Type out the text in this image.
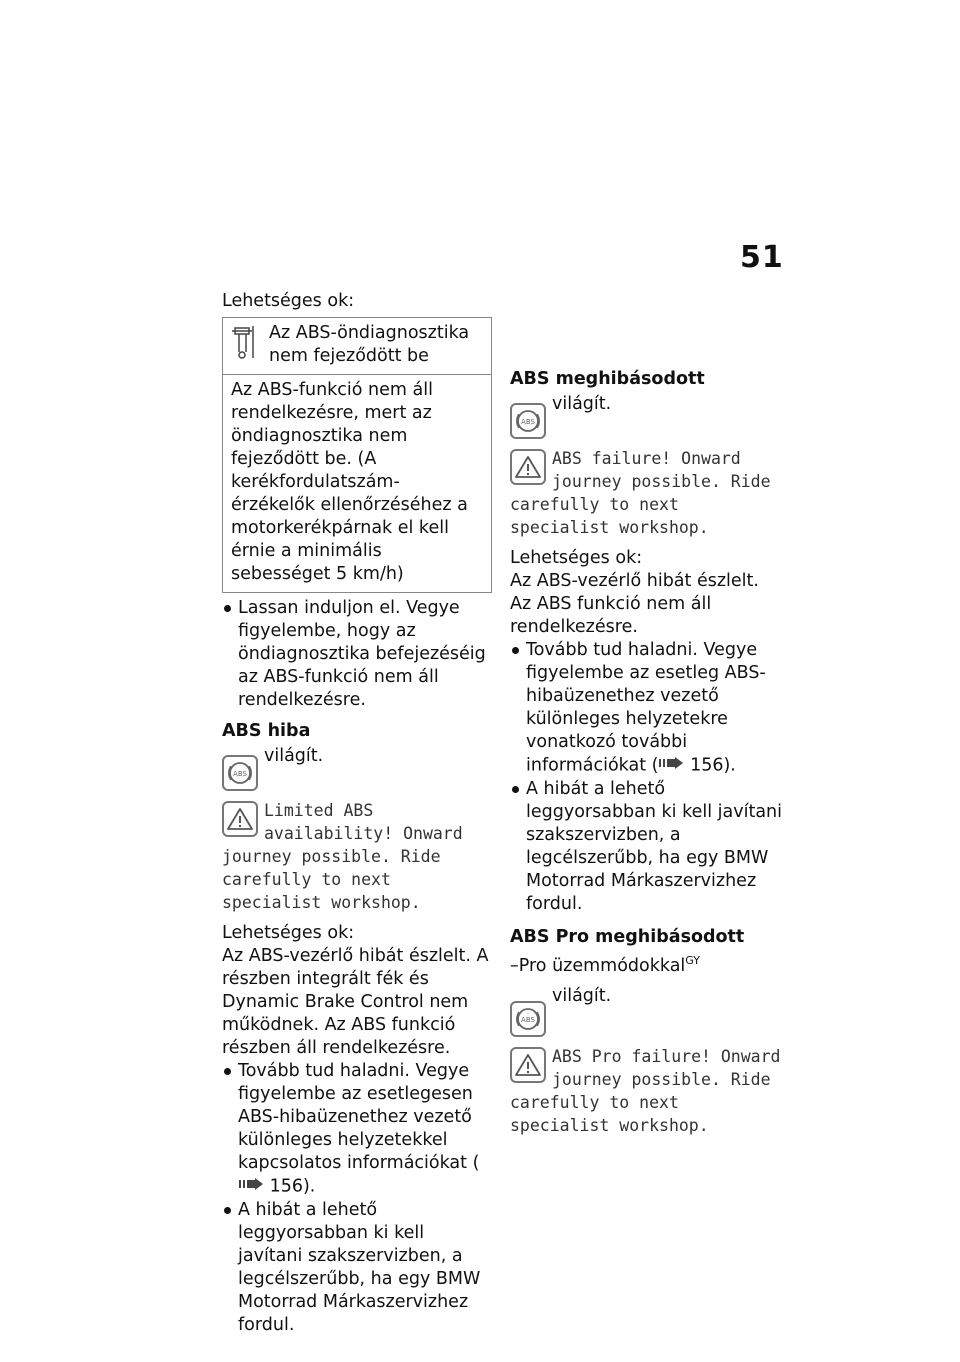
51

Lehetséges ok:

Az ABS-öndiagnosztika nem fejeződött be
Az ABS-funkció nem áll rendelkezésre, mert az öndiagnosztika nem fejeződött be. (A kerékfordulatszám-érzékelők ellenőrzéséhez a motorkerékpárnak el kell érnie a minimális sebességet 5 km/h)

Lassan induljon el. Vegye figyelembe, hogy az öndiagnosztika befejezéséig az ABS-funkció nem áll rendelkezésre.

ABS hiba

ABS
világít.
Limited ABS availability! Onward journey possible. Ride carefully to next specialist workshop.

Lehetséges ok:

Az ABS-vezérlő hibát észlelt. A részben integrált fék és Dynamic Brake Control nem működnek. Az ABS funkció részben áll rendelkezésre.

Tovább tud haladni. Vegye figyelembe az esetlegesen ABS-hibaüzenethez vezető különleges helyzetekkel kapcsolatos információkat ( 156).

A hibát a lehető leggyorsabban ki kell javítani szakszervizben, a legcélszerűbb, ha egy BMW Motorrad Márkaszervizhez fordul.

ABS meghibásodott

ABS
világít.
ABS failure! Onward journey possible. Ride carefully to next specialist workshop.

Lehetséges ok:

Az ABS-vezérlő hibát észlelt. Az ABS funkció nem áll rendelkezésre.

Tovább tud haladni. Vegye figyelembe az esetleg ABS-hibaüzenethez vezető különleges helyzetekre vonatkozó további információkat ( 156).

A hibát a lehető leggyorsabban ki kell javítani szakszervizben, a legcélszerűbb, ha egy BMW Motorrad Márkaszervizhez fordul.

ABS Pro meghibásodott

–Pro üzemmódokkal$^{GY}$

ABS
világít.
ABS Pro failure! Onward journey possible. Ride carefully to next specialist workshop.
